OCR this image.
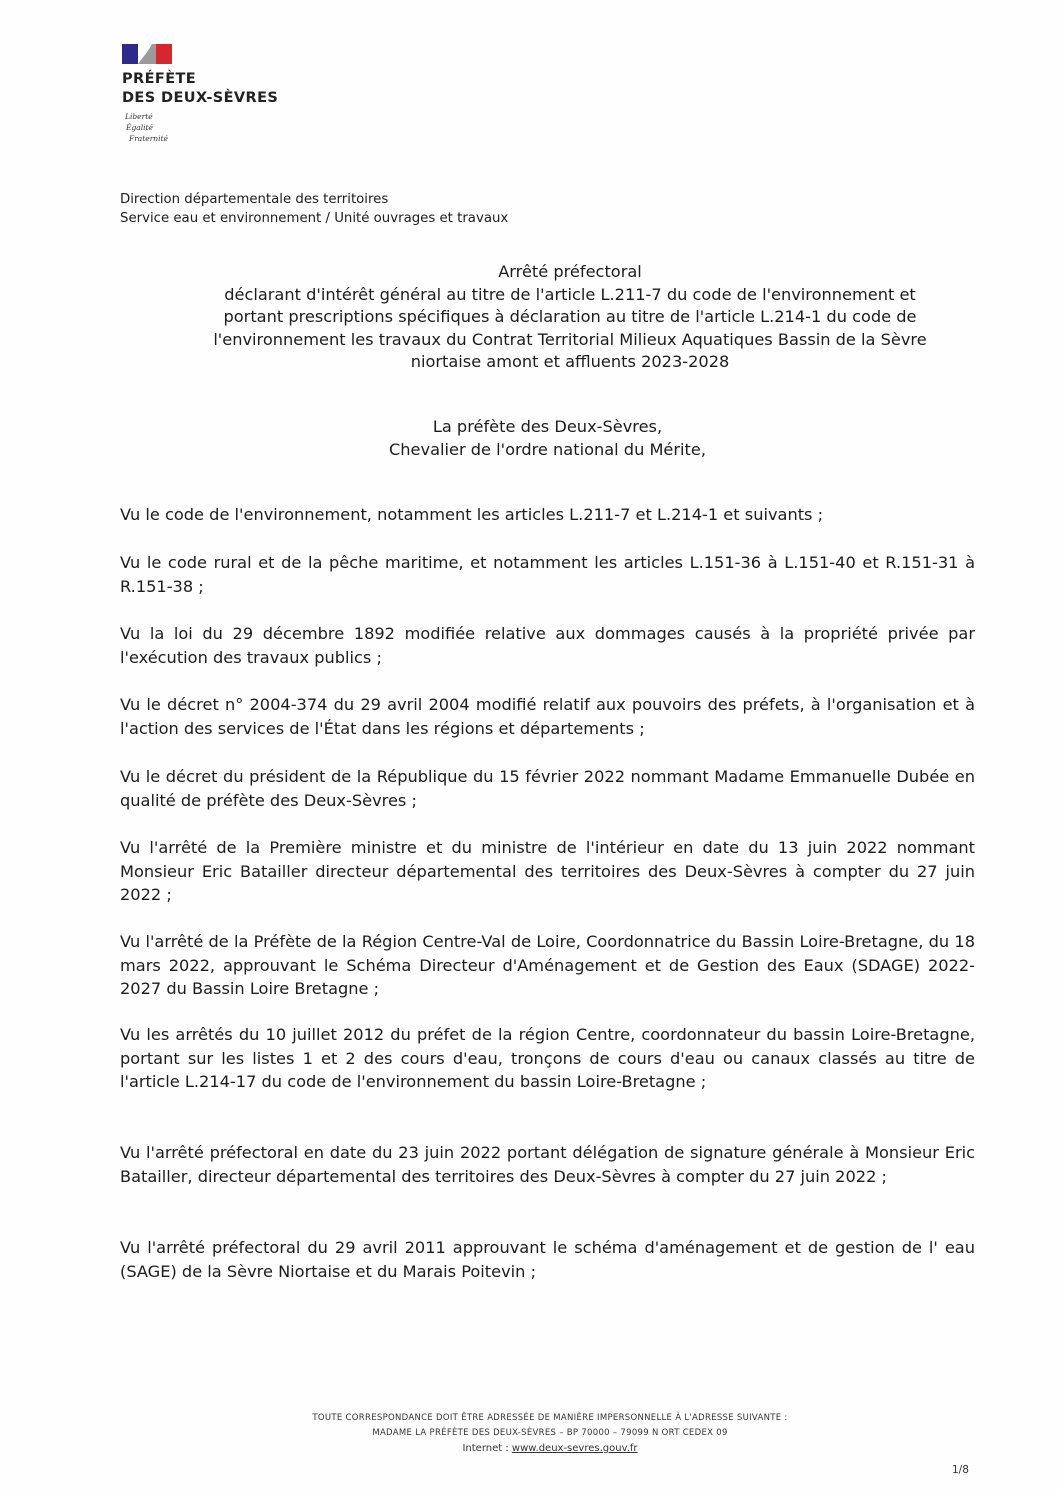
PRÉFÈTE
DES DEUX-SÈVRES
Liberté
Égalité
Fraternité
Direction départementale des territoires
Service eau et environnement / Unité ouvrages et travaux
Arrêté préfectoral
déclarant d'intérêt général au titre de l'article L.211-7 du code de l'environnement et
portant prescriptions spécifiques à déclaration au titre de l'article L.214-1 du code de
l'environnement les travaux du Contrat Territorial Milieux Aquatiques Bassin de la Sèvre
niortaise amont et affluents 2023-2028
La préfète des Deux-Sèvres,
Chevalier de l'ordre national du Mérite,

Vu le code de l'environnement, notamment les articles L.211-7 et L.214-1 et suivants ;

Vu le code rural et de la pêche maritime, et notamment les articles L.151-36 à L.151-40 et R.151-31 à R.151-38 ;

Vu la loi du 29 décembre 1892 modifiée relative aux dommages causés à la propriété privée par l'exécution des travaux publics ;

Vu le décret n° 2004-374 du 29 avril 2004 modifié relatif aux pouvoirs des préfets, à l'organisation et à l'action des services de l'État dans les régions et départements ;

Vu le décret du président de la République du 15 février 2022 nommant Madame Emmanuelle Dubée en qualité de préfète des Deux-Sèvres ;

Vu l'arrêté de la Première ministre et du ministre de l'intérieur en date du 13 juin 2022 nommant Monsieur Eric Batailler directeur départemental des territoires des Deux-Sèvres à compter du 27 juin 2022 ;

Vu l'arrêté de la Préfète de la Région Centre-Val de Loire, Coordonnatrice du Bassin Loire-Bretagne, du 18 mars 2022, approuvant le Schéma Directeur d'Aménagement et de Gestion des Eaux (SDAGE) 2022-2027 du Bassin Loire Bretagne ;

Vu les arrêtés du 10 juillet 2012 du préfet de la région Centre, coordonnateur du bassin Loire-Bretagne, portant sur les listes 1 et 2 des cours d'eau, tronçons de cours d'eau ou canaux classés au titre de l'article L.214-17 du code de l'environnement du bassin Loire-Bretagne ;

Vu l'arrêté préfectoral en date du 23 juin 2022 portant délégation de signature générale à Monsieur Eric Batailler, directeur départemental des territoires des Deux-Sèvres à compter du 27 juin 2022 ;

Vu l'arrêté préfectoral du 29 avril 2011 approuvant le schéma d'aménagement et de gestion de l' eau (SAGE) de la Sèvre Niortaise et du Marais Poitevin ;

TOUTE CORRESPONDANCE DOIT ÊTRE ADRESSÉE DE MANIÈRE IMPERSONNELLE À L'ADRESSE SUIVANTE :
MADAME LA PRÉFÈTE DES DEUX-SÈVRES – BP 70000 – 79099 N ORT CEDEX 09
Internet : www.deux-sevres.gouv.fr
1/8
